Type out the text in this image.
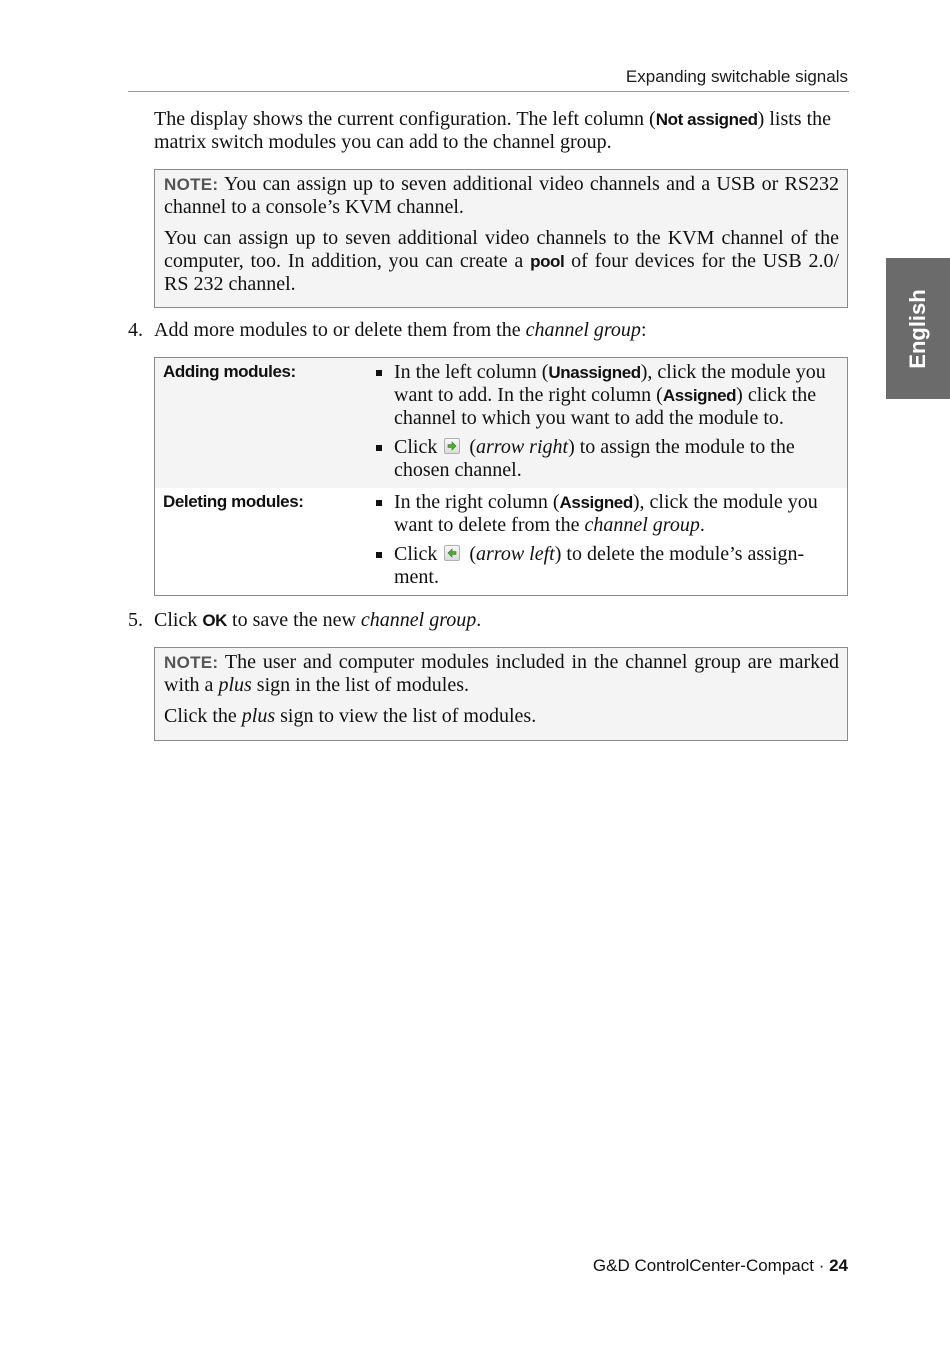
Expanding switchable signals
English
The display shows the current configuration. The left column (Not assigned) lists the matrix switch modules you can add to the channel group.

NOTE: You can assign up to seven additional video channels and a USB or RS232 channel to a console’s KVM channel.

You can assign up to seven additional video channels to the KVM channel of the computer, too. In addition, you can create a pool of four devices for the USB 2.0/ RS 232 channel.

4. Add more modules to or delete them from the channel group:
Adding modules:	In the left column (Unassigned), click the module you want to add. In the right column (Assigned) click the channel to which you want to add the module to.
Click
(arrow right) to assign the module to the chosen channel.
Deleting modules:	In the right column (Assigned), click the module you want to delete from the channel group.
Click
(arrow left) to delete the module’s assign-ment.
5. Click OK to save the new channel group.

NOTE: The user and computer modules included in the channel group are marked with a plus sign in the list of modules.

Click the plus sign to view the list of modules.

G&D ControlCenter-Compact · 24
